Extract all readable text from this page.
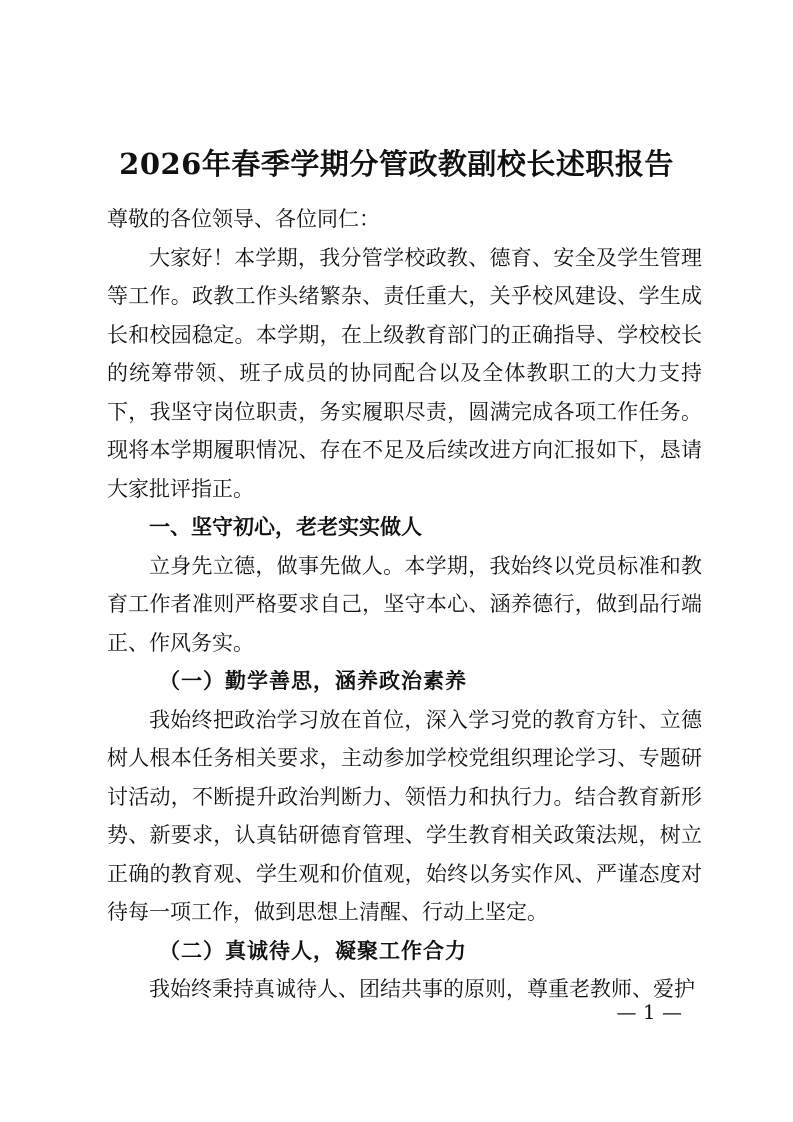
2026年春季学期分管政教副校长述职报告

尊敬的各位领导、各位同仁：

大家好！本学期，我分管学校政教、德育、安全及学生管理等工作。政教工作头绪繁杂、责任重大，关乎校风建设、学生成长和校园稳定。本学期，在上级教育部门的正确指导、学校校长的统筹带领、班子成员的协同配合以及全体教职工的大力支持下，我坚守岗位职责，务实履职尽责，圆满完成各项工作任务。现将本学期履职情况、存在不足及后续改进方向汇报如下，恳请大家批评指正。

一、坚守初心，老老实实做人

立身先立德，做事先做人。本学期，我始终以党员标准和教育工作者准则严格要求自己，坚守本心、涵养德行，做到品行端正、作风务实。

（一）勤学善思，涵养政治素养

我始终把政治学习放在首位，深入学习党的教育方针、立德树人根本任务相关要求，主动参加学校党组织理论学习、专题研讨活动，不断提升政治判断力、领悟力和执行力。结合教育新形势、新要求，认真钻研德育管理、学生教育相关政策法规，树立正确的教育观、学生观和价值观，始终以务实作风、严谨态度对待每一项工作，做到思想上清醒、行动上坚定。

（二）真诚待人，凝聚工作合力

我始终秉持真诚待人、团结共事的原则，尊重老教师、爱护

— 1 —
